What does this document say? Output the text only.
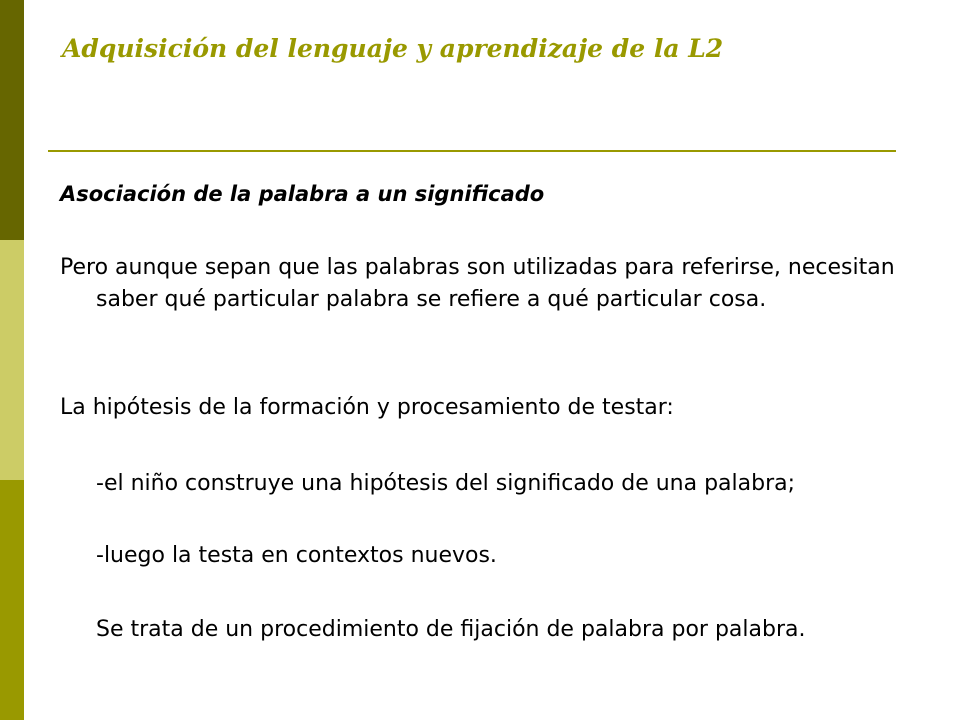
Adquisición del lenguaje y aprendizaje de la L2

Asociación de la palabra a un significado

Pero aunque sepan que las palabras son utilizadas para referirse, necesitan saber qué particular palabra se refiere a qué particular cosa.

La hipótesis de la formación y procesamiento de testar:

-el niño construye una hipótesis del significado de una palabra;

-luego la testa en contextos nuevos.

Se trata de un procedimiento de fijación de palabra por palabra.
